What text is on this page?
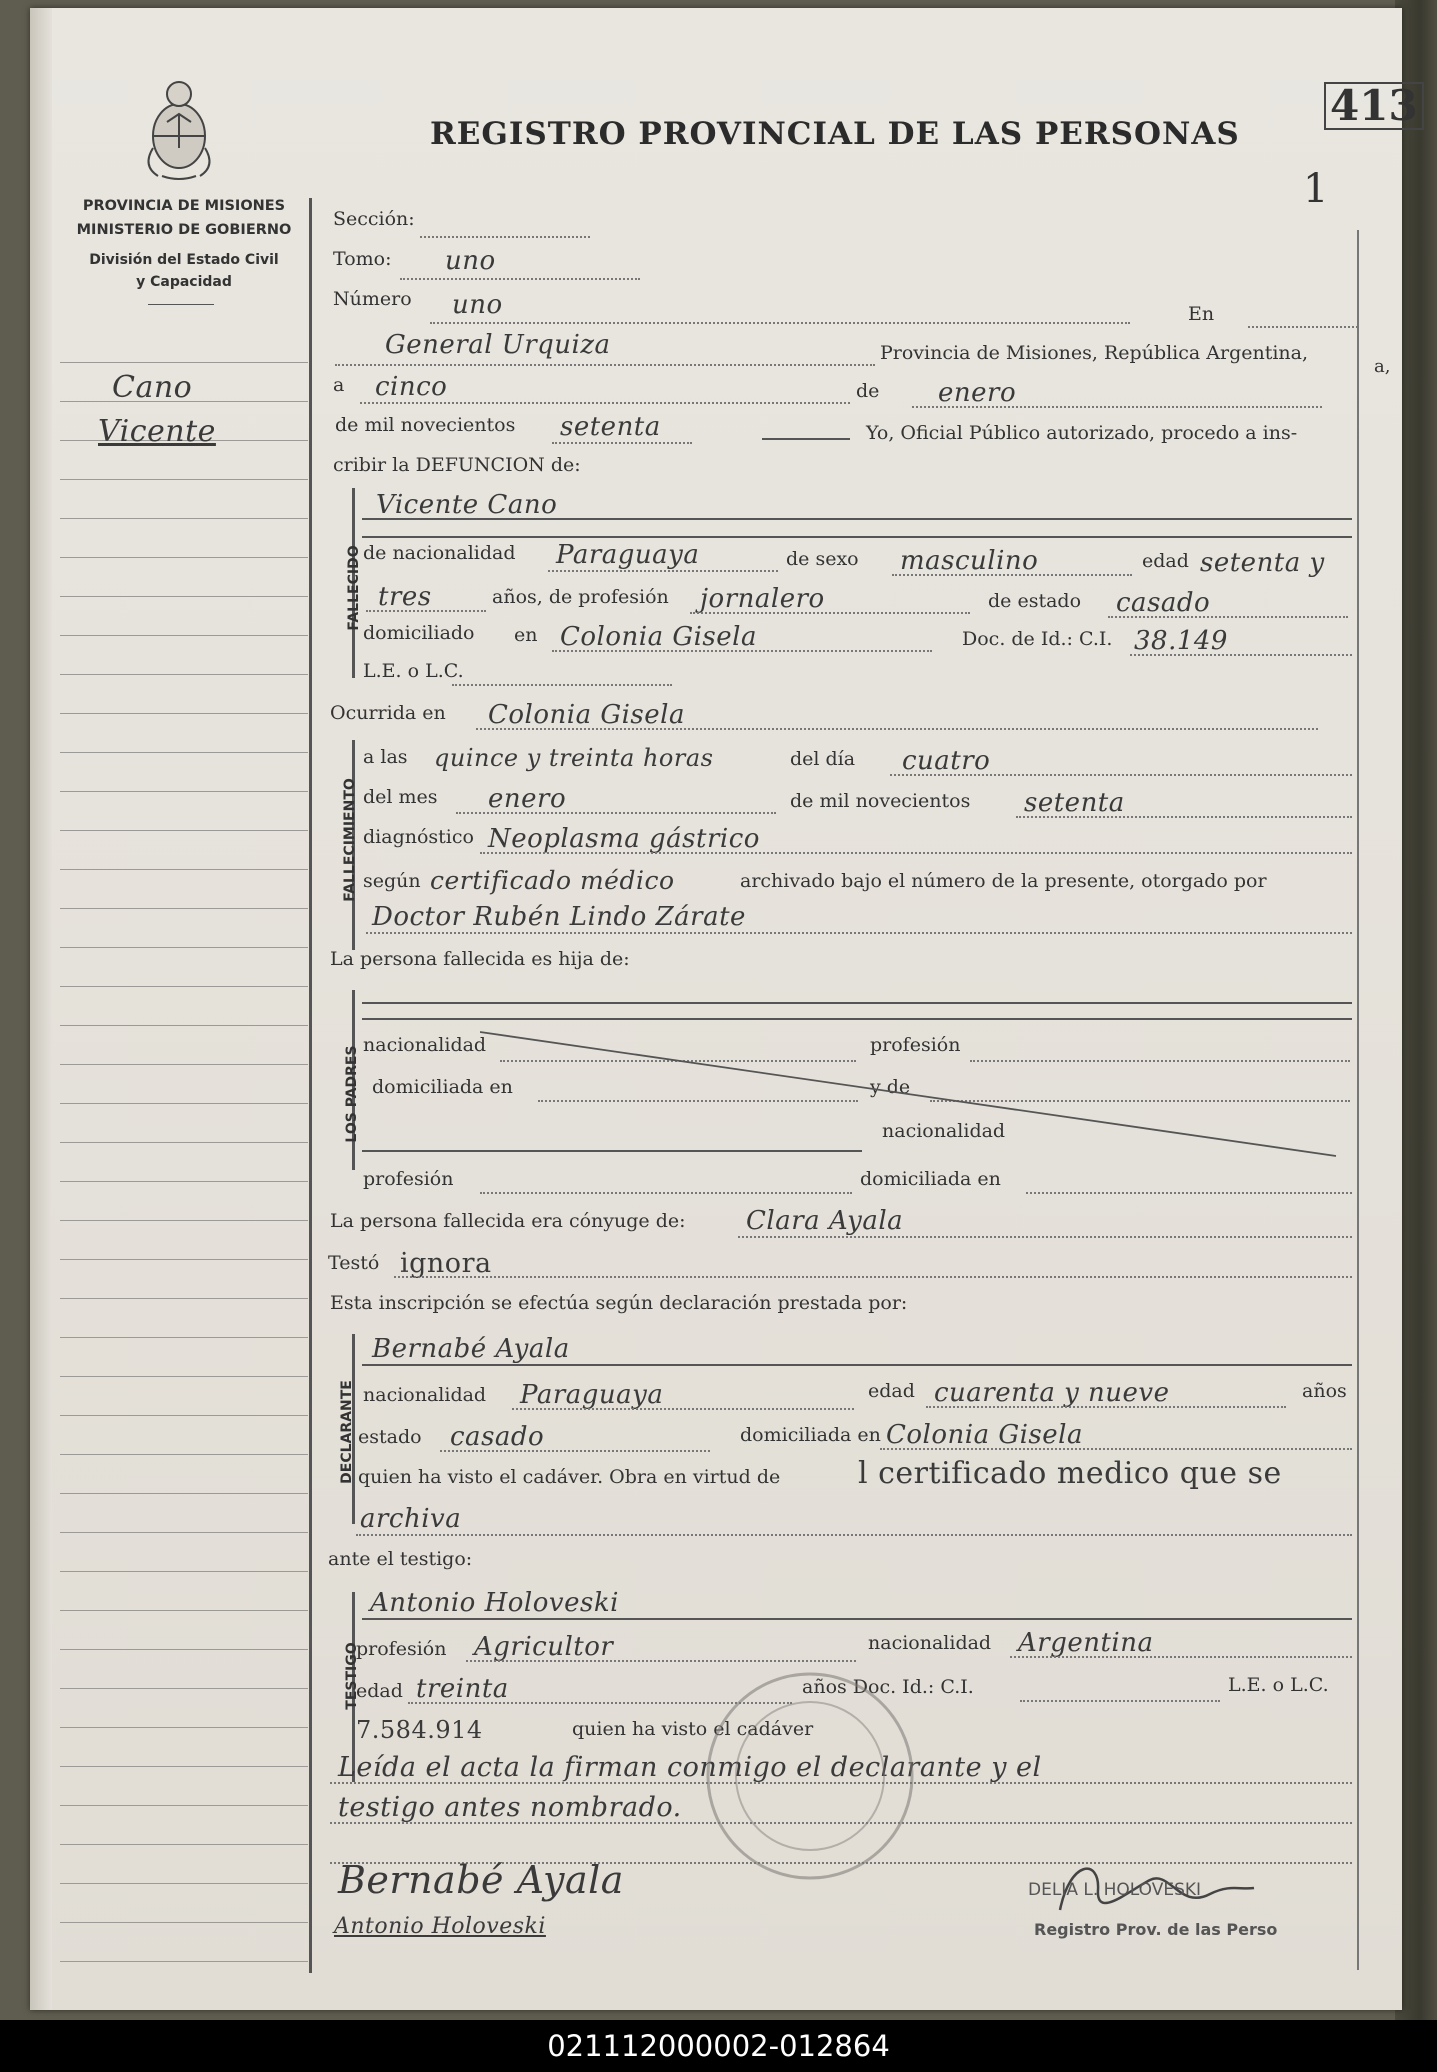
PROVINCIA DE MISIONES
MINISTERIO DE GOBIERNO
División del Estado Civil
y Capacidad
REGISTRO PROVINCIAL DE LAS PERSONAS
413
1
Cano
Vicente
Sección:
Tomo: uno
Número uno	En
General Urquiza	Provincia de Misiones, República Argentina,
a,
a cinco	de enero
de mil novecientos setenta	Yo, Oficial Público autorizado, procedo a ins-
cribir la DEFUNCION de:
FALLECIDO
Vicente Cano
de nacionalidad Paraguaya	de sexo masculino	edad setenta y
tres	años, de profesión jornalero	de estado casado
domiciliado en Colonia Gisela	Doc. de Id.: C.I. 38.149
L.E. o L.C.
Ocurrida en Colonia Gisela
FALLECIMIENTO
a las quince y treinta horas	del día cuatro
del mes enero	de mil novecientos setenta
diagnóstico Neoplasma gástrico
según certificado médico	archivado bajo el número de la presente, otorgado por
Doctor Rubén Lindo Zárate
La persona fallecida es hija de:
LOS PADRES
nacionalidad	profesión
domiciliada en	y de
nacionalidad
profesión	domiciliada en
La persona fallecida era cónyuge de: Clara Ayala
Testó ignora
Esta inscripción se efectúa según declaración prestada por:
DECLARANTE
Bernabé Ayala
nacionalidad Paraguaya	edad cuarenta y nueve	años
estado casado	domiciliada en Colonia Gisela
quien ha visto el cadáver. Obra en virtud de	l certificado medico que se
archiva
ante el testigo:
TESTIGO
Antonio Holoveski
profesión Agricultor	nacionalidad Argentina
edad treinta	años Doc. Id.: C.I.	L.E. o L.C.
7.584.914	quien ha visto el cadáver
Leída el acta la firman conmigo el declarante y el
testigo antes nombrado.
Bernabé Ayala
Antonio Holoveski
DELIA L. HOLOVESKI
Registro Prov. de las Perso
021112000002-012864
